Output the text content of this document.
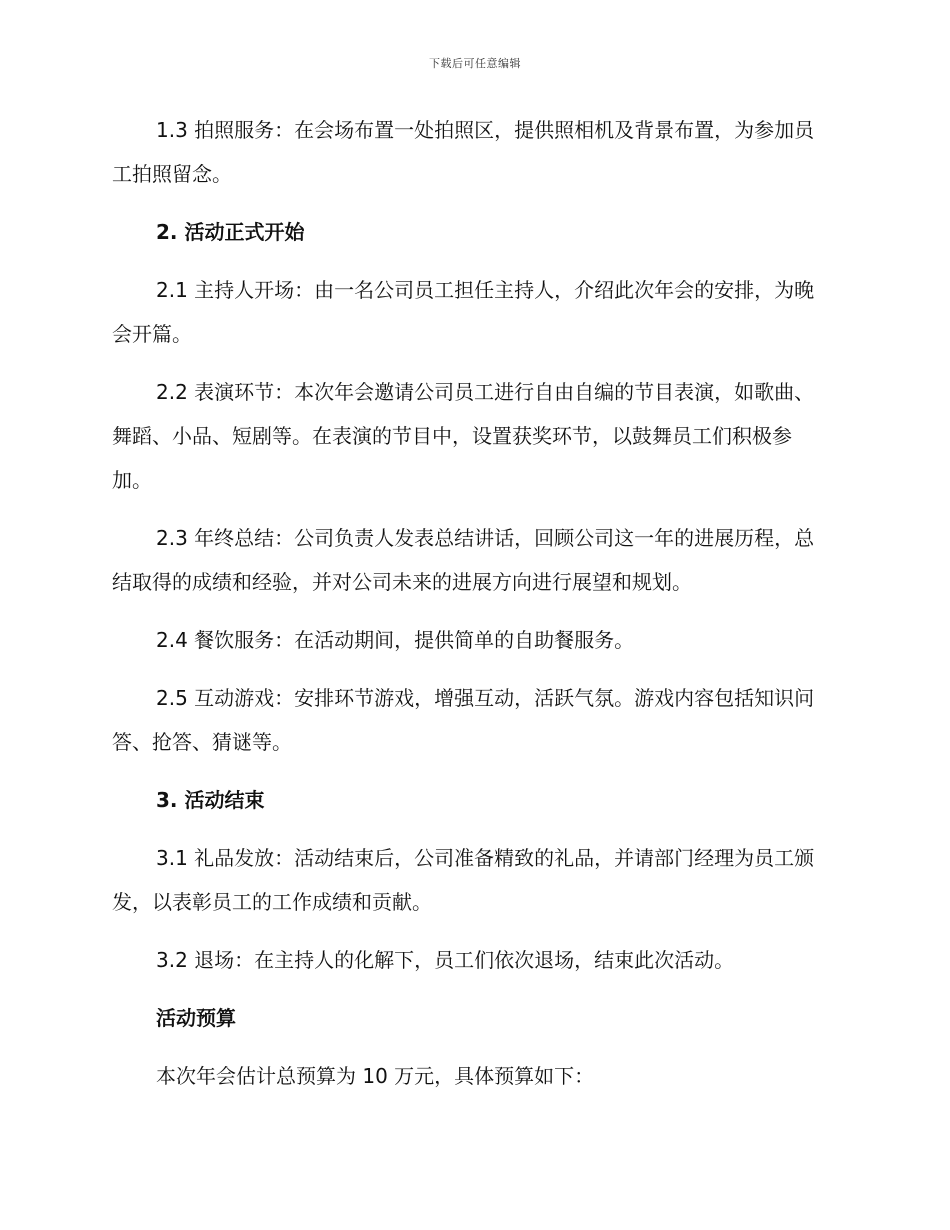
下载后可任意编辑

1.3 拍照服务：在会场布置一处拍照区，提供照相机及背景布置，为参加员工拍照留念。

2. 活动正式开始

2.1 主持人开场：由一名公司员工担任主持人，介绍此次年会的安排，为晚会开篇。

2.2 表演环节：本次年会邀请公司员工进行自由自编的节目表演，如歌曲、舞蹈、小品、短剧等。在表演的节目中，设置获奖环节，以鼓舞员工们积极参加。

2.3 年终总结：公司负责人发表总结讲话，回顾公司这一年的进展历程，总结取得的成绩和经验，并对公司未来的进展方向进行展望和规划。

2.4 餐饮服务：在活动期间，提供简单的自助餐服务。

2.5 互动游戏：安排环节游戏，增强互动，活跃气氛。游戏内容包括知识问答、抢答、猜谜等。

3. 活动结束

3.1 礼品发放：活动结束后，公司准备精致的礼品，并请部门经理为员工颁发，以表彰员工的工作成绩和贡献。

3.2 退场：在主持人的化解下，员工们依次退场，结束此次活动。

活动预算

本次年会估计总预算为 10 万元，具体预算如下：
